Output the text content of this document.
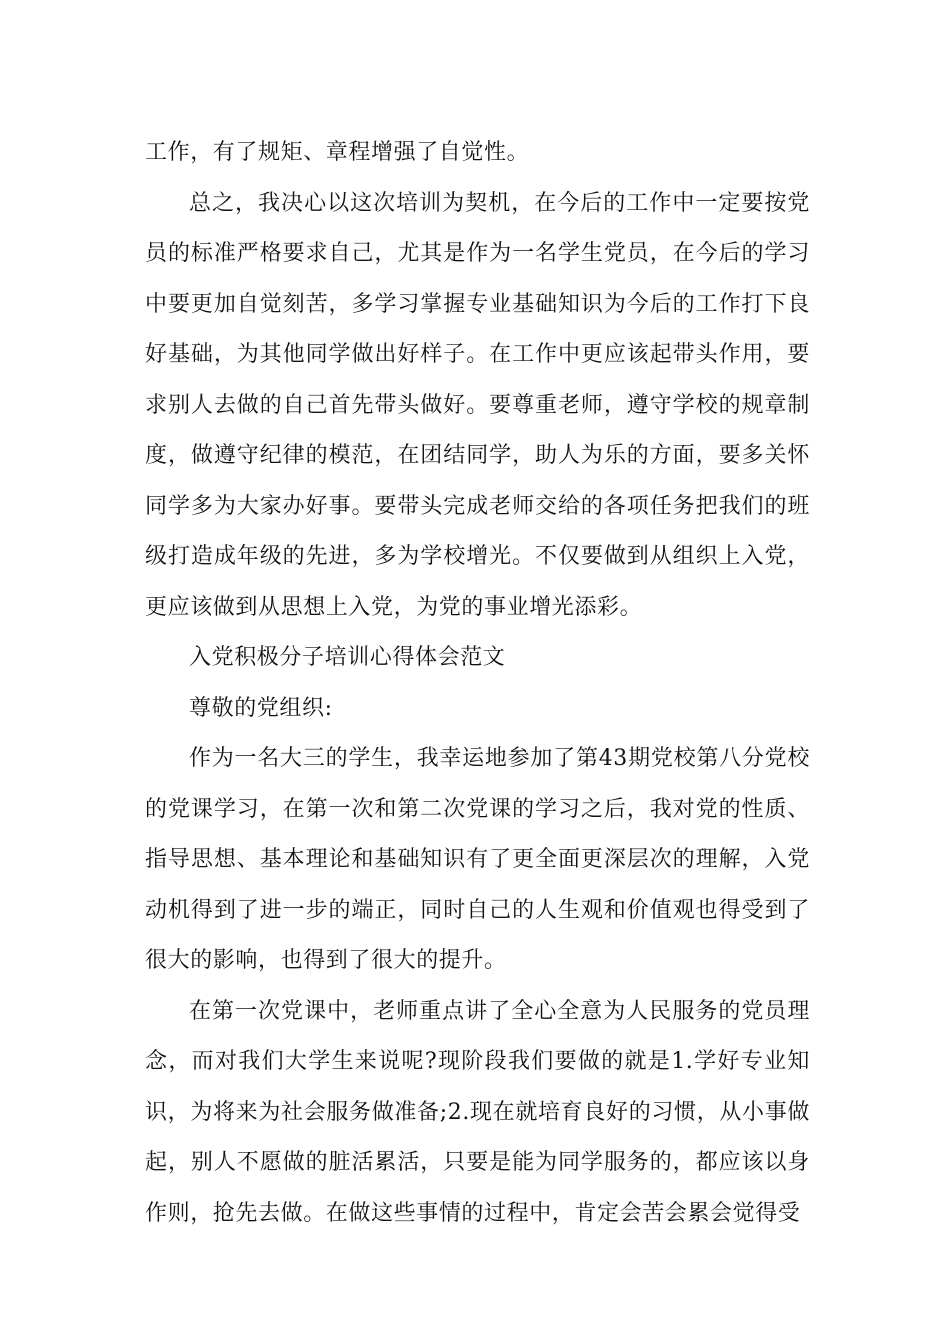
工作，有了规矩、章程增强了自觉性。

总之，我决心以这次培训为契机，在今后的工作中一定要按党员的标准严格要求自己，尤其是作为一名学生党员，在今后的学习中要更加自觉刻苦，多学习掌握专业基础知识为今后的工作打下良好基础，为其他同学做出好样子。在工作中更应该起带头作用，要求别人去做的自己首先带头做好。要尊重老师，遵守学校的规章制度，做遵守纪律的模范，在团结同学，助人为乐的方面，要多关怀同学多为大家办好事。要带头完成老师交给的各项任务把我们的班级打造成年级的先进，多为学校增光。不仅要做到从组织上入党，更应该做到从思想上入党，为党的事业增光添彩。

入党积极分子培训心得体会范文

尊敬的党组织:

作为一名大三的学生，我幸运地参加了第43期党校第八分党校的党课学习，在第一次和第二次党课的学习之后，我对党的性质、指导思想、基本理论和基础知识有了更全面更深层次的理解，入党动机得到了进一步的端正，同时自己的人生观和价值观也得受到了很大的影响，也得到了很大的提升。

在第一次党课中，老师重点讲了全心全意为人民服务的党员理念，而对我们大学生来说呢?现阶段我们要做的就是1.学好专业知识，为将来为社会服务做准备;2.现在就培育良好的习惯，从小事做起，别人不愿做的脏活累活，只要是能为同学服务的，都应该以身作则，抢先去做。在做这些事情的过程中，肯定会苦会累会觉得受
